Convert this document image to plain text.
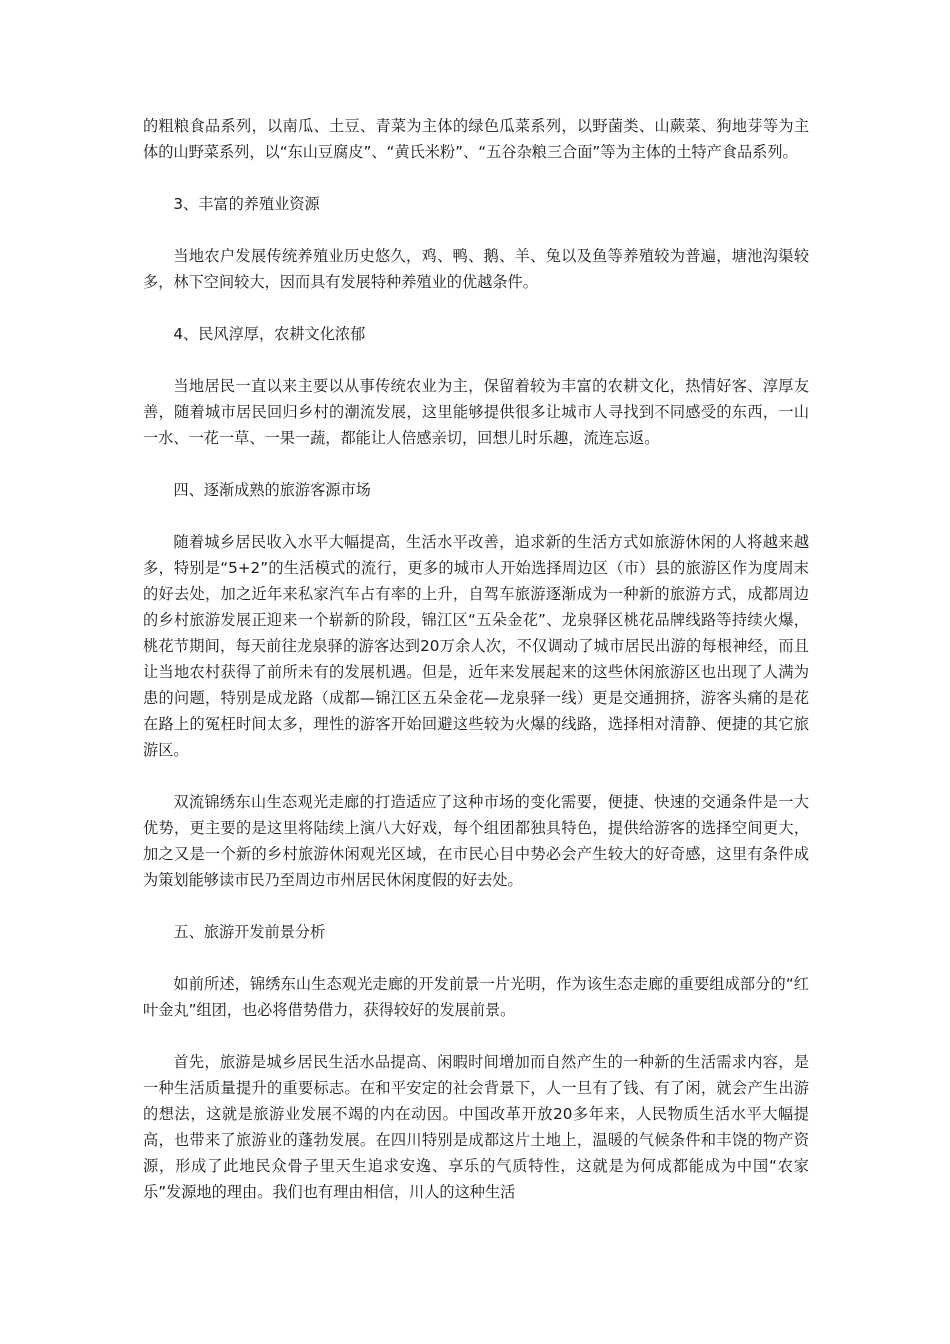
的粗粮食品系列，以南瓜、土豆、青菜为主体的绿色瓜菜系列，以野菌类、山蕨菜、狗地芽等为主体的山野菜系列，以“东山豆腐皮”、“黄氏米粉”、“五谷杂粮三合面”等为主体的土特产食品系列。

3、丰富的养殖业资源

当地农户发展传统养殖业历史悠久，鸡、鸭、鹅、羊、兔以及鱼等养殖较为普遍，塘池沟渠较多，林下空间较大，因而具有发展特种养殖业的优越条件。

4、民风淳厚，农耕文化浓郁

当地居民一直以来主要以从事传统农业为主，保留着较为丰富的农耕文化，热情好客、淳厚友善，随着城市居民回归乡村的潮流发展，这里能够提供很多让城市人寻找到不同感受的东西，一山一水、一花一草、一果一蔬，都能让人倍感亲切，回想儿时乐趣，流连忘返。

四、逐渐成熟的旅游客源市场

随着城乡居民收入水平大幅提高，生活水平改善，追求新的生活方式如旅游休闲的人将越来越多，特别是“5+2”的生活模式的流行，更多的城市人开始选择周边区（市）县的旅游区作为度周末的好去处，加之近年来私家汽车占有率的上升，自驾车旅游逐渐成为一种新的旅游方式，成都周边的乡村旅游发展正迎来一个崭新的阶段，锦江区“五朵金花”、龙泉驿区桃花品牌线路等持续火爆，桃花节期间，每天前往龙泉驿的游客达到20万余人次，不仅调动了城市居民出游的每根神经，而且让当地农村获得了前所未有的发展机遇。但是，近年来发展起来的这些休闲旅游区也出现了人满为患的问题，特别是成龙路（成都—锦江区五朵金花—龙泉驿一线）更是交通拥挤，游客头痛的是花在路上的冤枉时间太多，理性的游客开始回避这些较为火爆的线路，选择相对清静、便捷的其它旅游区。

双流锦绣东山生态观光走廊的打造适应了这种市场的变化需要，便捷、快速的交通条件是一大优势，更主要的是这里将陆续上演八大好戏，每个组团都独具特色，提供给游客的选择空间更大，加之又是一个新的乡村旅游休闲观光区域，在市民心目中势必会产生较大的好奇感，这里有条件成为策划能够读市民乃至周边市州居民休闲度假的好去处。

五、旅游开发前景分析

如前所述，锦绣东山生态观光走廊的开发前景一片光明，作为该生态走廊的重要组成部分的“红叶金丸”组团，也必将借势借力，获得较好的发展前景。

首先，旅游是城乡居民生活水品提高、闲暇时间增加而自然产生的一种新的生活需求内容，是一种生活质量提升的重要标志。在和平安定的社会背景下，人一旦有了钱、有了闲，就会产生出游的想法，这就是旅游业发展不竭的内在动因。中国改革开放20多年来，人民物质生活水平大幅提高，也带来了旅游业的蓬勃发展。在四川特别是成都这片土地上，温暖的气候条件和丰饶的物产资源，形成了此地民众骨子里天生追求安逸、享乐的气质特性，这就是为何成都能成为中国“农家乐”发源地的理由。我们也有理由相信，川人的这种生活
